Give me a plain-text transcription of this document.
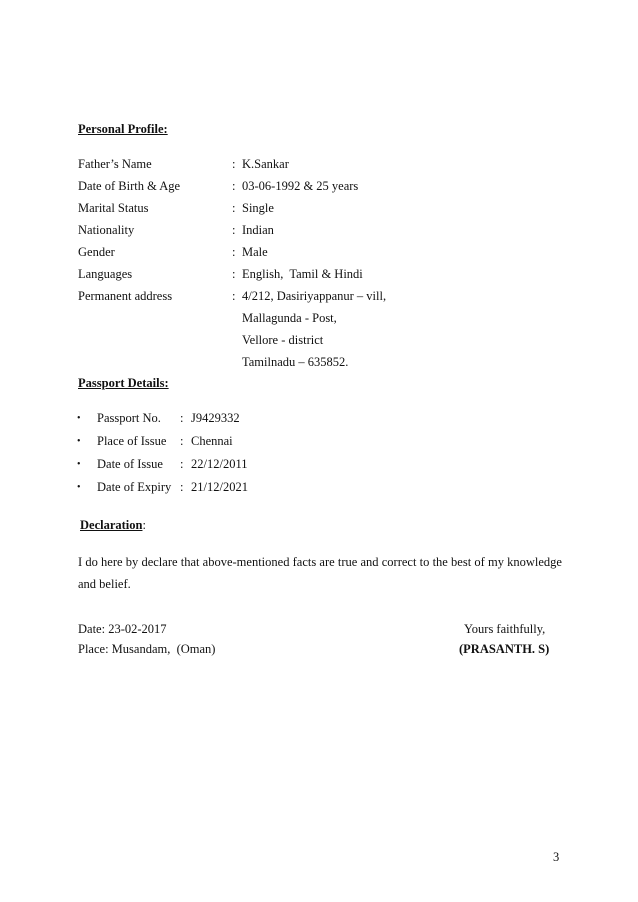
Personal Profile:
Father’s Name	: K.Sankar
Date of Birth & Age	: 03-06-1992 & 25 years
Marital Status	: Single
Nationality	: Indian
Gender	: Male
Languages	: English,  Tamil & Hindi
Permanent address	: 4/212, Dasiriyappanur – vill,
Mallagunda - Post,
Vellore - district
Tamilnadu – 635852.
Passport Details:
• Passport No. : J9429332
• Place of Issue : Chennai
• Date of Issue : 22/12/2011
• Date of Expiry : 21/12/2021
Declaration:
I do here by declare that above-mentioned facts are true and correct to the best of my knowledge and belief.
Date: 23-02-2017
Place: Musandam,  (Oman)
Yours faithfully,
(PRASANTH. S)
3
